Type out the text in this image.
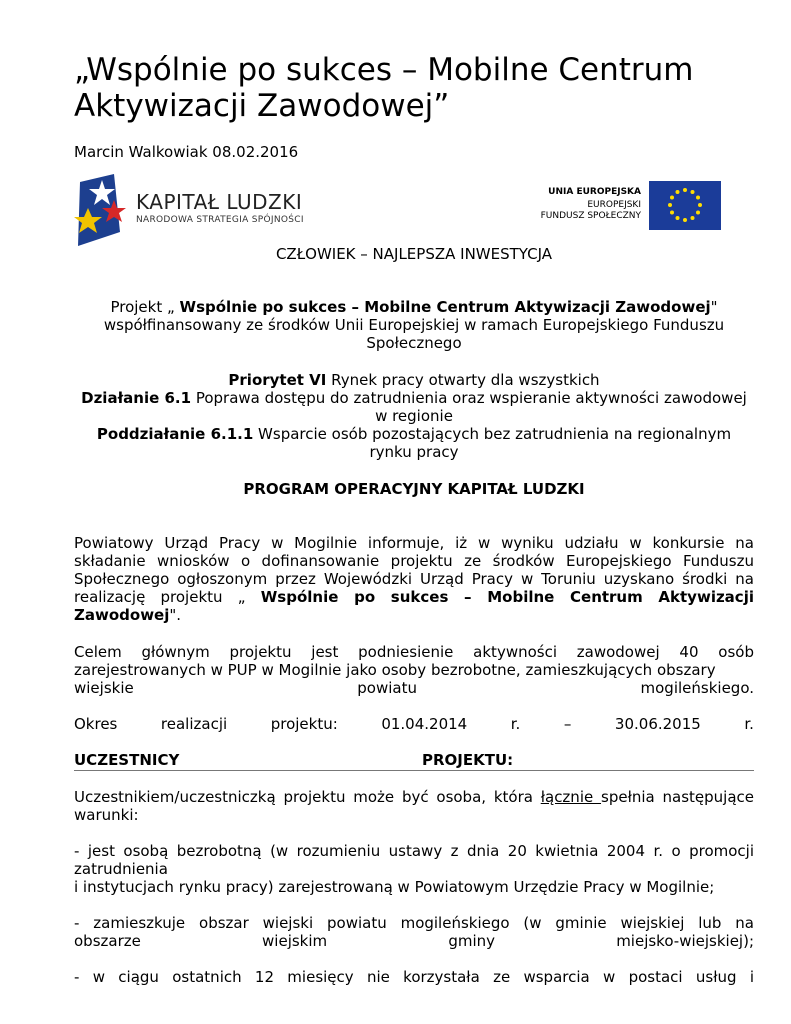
„Wspólnie po sukces – Mobilne Centrum Aktywizacji Zawodowej”
Marcin Walkowiak 08.02.2016
KAPITAŁ LUDZKI
NARODOWA STRATEGIA SPÓJNOŚCI
UNIA EUROPEJSKA
EUROPEJSKI
FUNDUSZ SPOŁECZNY
CZŁOWIEK – NAJLEPSZA INWESTYCJA
Projekt „ Wspólnie po sukces – Mobilne Centrum Aktywizacji Zawodowej" współfinansowany ze środków Unii Europejskiej w ramach Europejskiego Funduszu Społecznego
Priorytet VI Rynek pracy otwarty dla wszystkich
Działanie 6.1 Poprawa dostępu do zatrudnienia oraz wspieranie aktywności zawodowej w regionie
Poddziałanie 6.1.1 Wsparcie osób pozostających bez zatrudnienia na regionalnym rynku pracy
PROGRAM OPERACYJNY KAPITAŁ LUDZKI
Powiatowy Urząd Pracy w Mogilnie informuje, iż w wyniku udziału w konkursie na składanie wniosków o dofinansowanie projektu ze środków Europejskiego Funduszu Społecznego ogłoszonym przez Wojewódzki Urząd Pracy w Toruniu uzyskano środki na realizację projektu „ Wspólnie po sukces – Mobilne Centrum Aktywizacji Zawodowej".
Celem głównym projektu jest podniesienie aktywności zawodowej 40 osób zarejestrowanych w PUP w Mogilnie jako osoby bezrobotne, zamieszkujących obszary
wiejskie	powiatu	mogileńskiego.
Okres	realizacji	projektu:	01.04.2014	r.	–	30.06.2015	r.
UCZESTNICY	PROJEKTU:
Uczestnikiem/uczestniczką projektu może być osoba, która łącznie spełnia następujące warunki:
- jest osobą bezrobotną (w rozumieniu ustawy z dnia 20 kwietnia 2004 r. o promocji zatrudnienia
i instytucjach rynku pracy) zarejestrowaną w Powiatowym Urzędzie Pracy w Mogilnie;
- zamieszkuje obszar wiejski powiatu mogileńskiego (w gminie wiejskiej lub na
obszarze	wiejskim	gminy	miejsko-wiejskiej);
- w ciągu ostatnich 12 miesięcy nie korzystała ze wsparcia w postaci usług i
